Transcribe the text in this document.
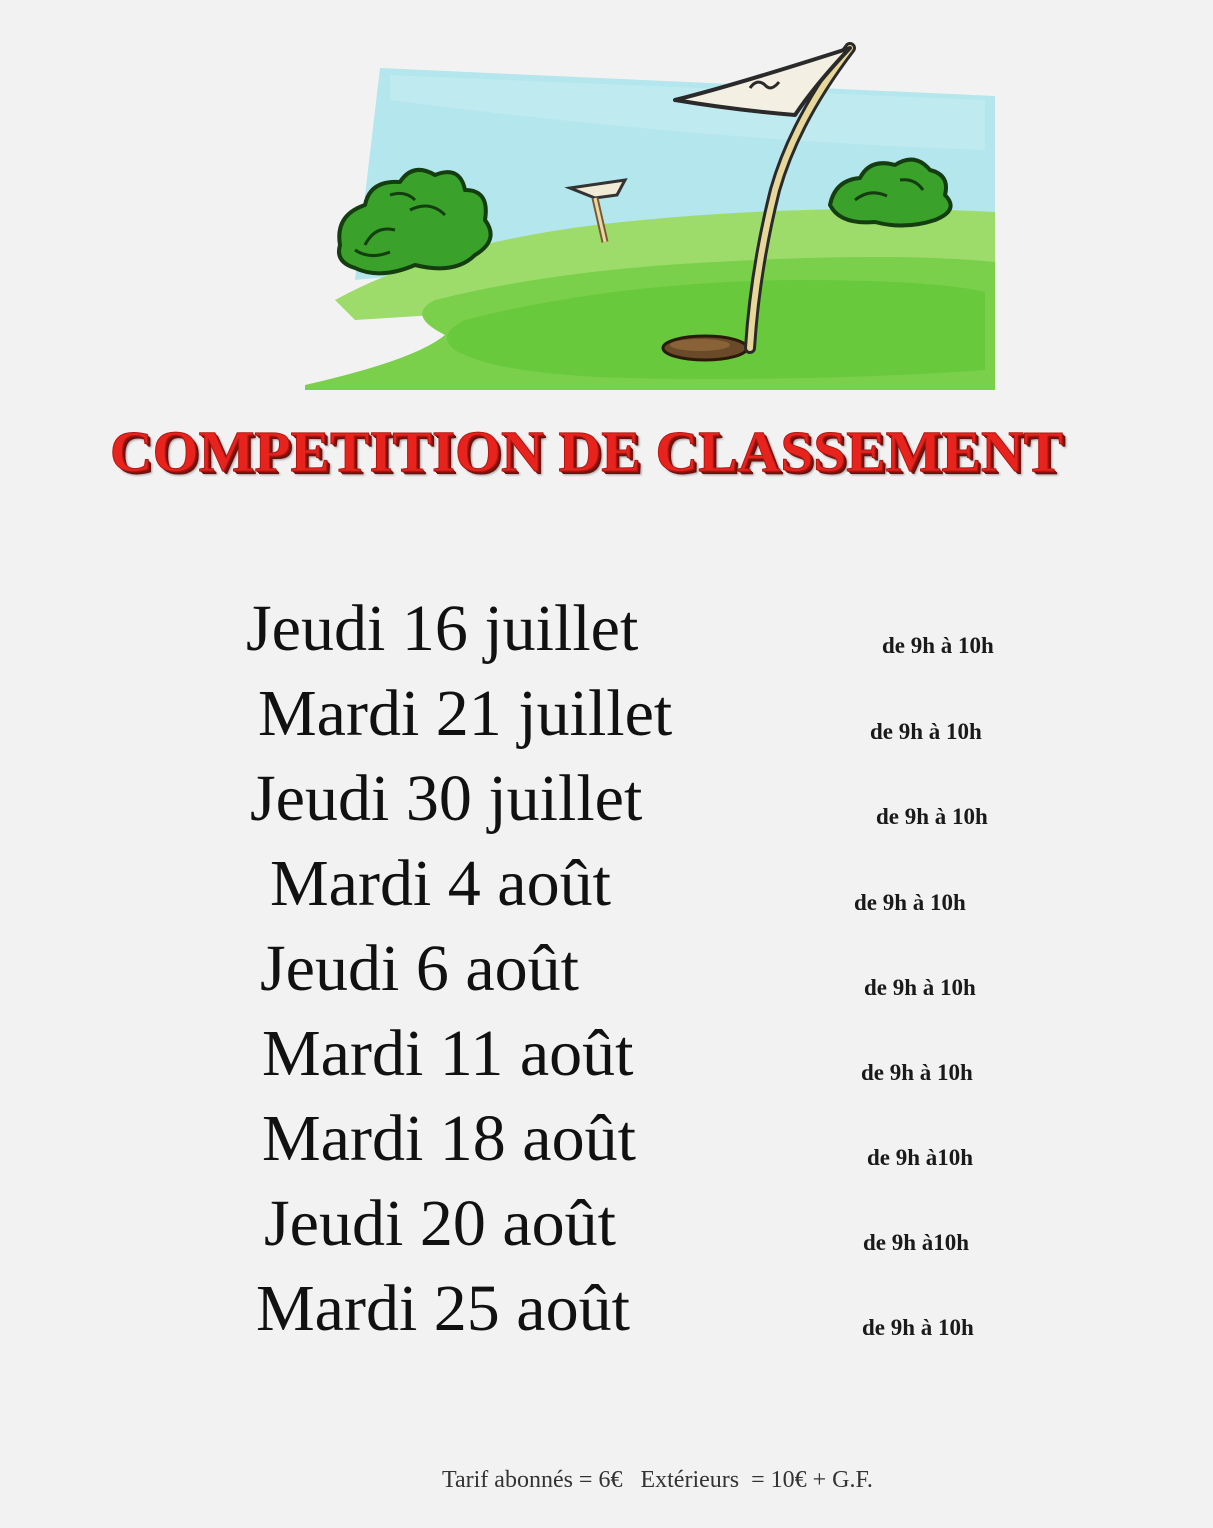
COMPETITION DE CLASSEMENT
Jeudi 16 juillet	de 9h à 10h
Mardi 21 juillet	de 9h à 10h
Jeudi 30 juillet	de 9h à 10h
Mardi 4 août	de 9h à 10h
Jeudi 6 août	de 9h à 10h
Mardi 11 août	de 9h à 10h
Mardi 18 août	de 9h à10h
Jeudi 20 août	de 9h à10h
Mardi 25 août	de 9h à 10h
Tarif abonnés = 6€ Extérieurs  = 10€ + G.F.
